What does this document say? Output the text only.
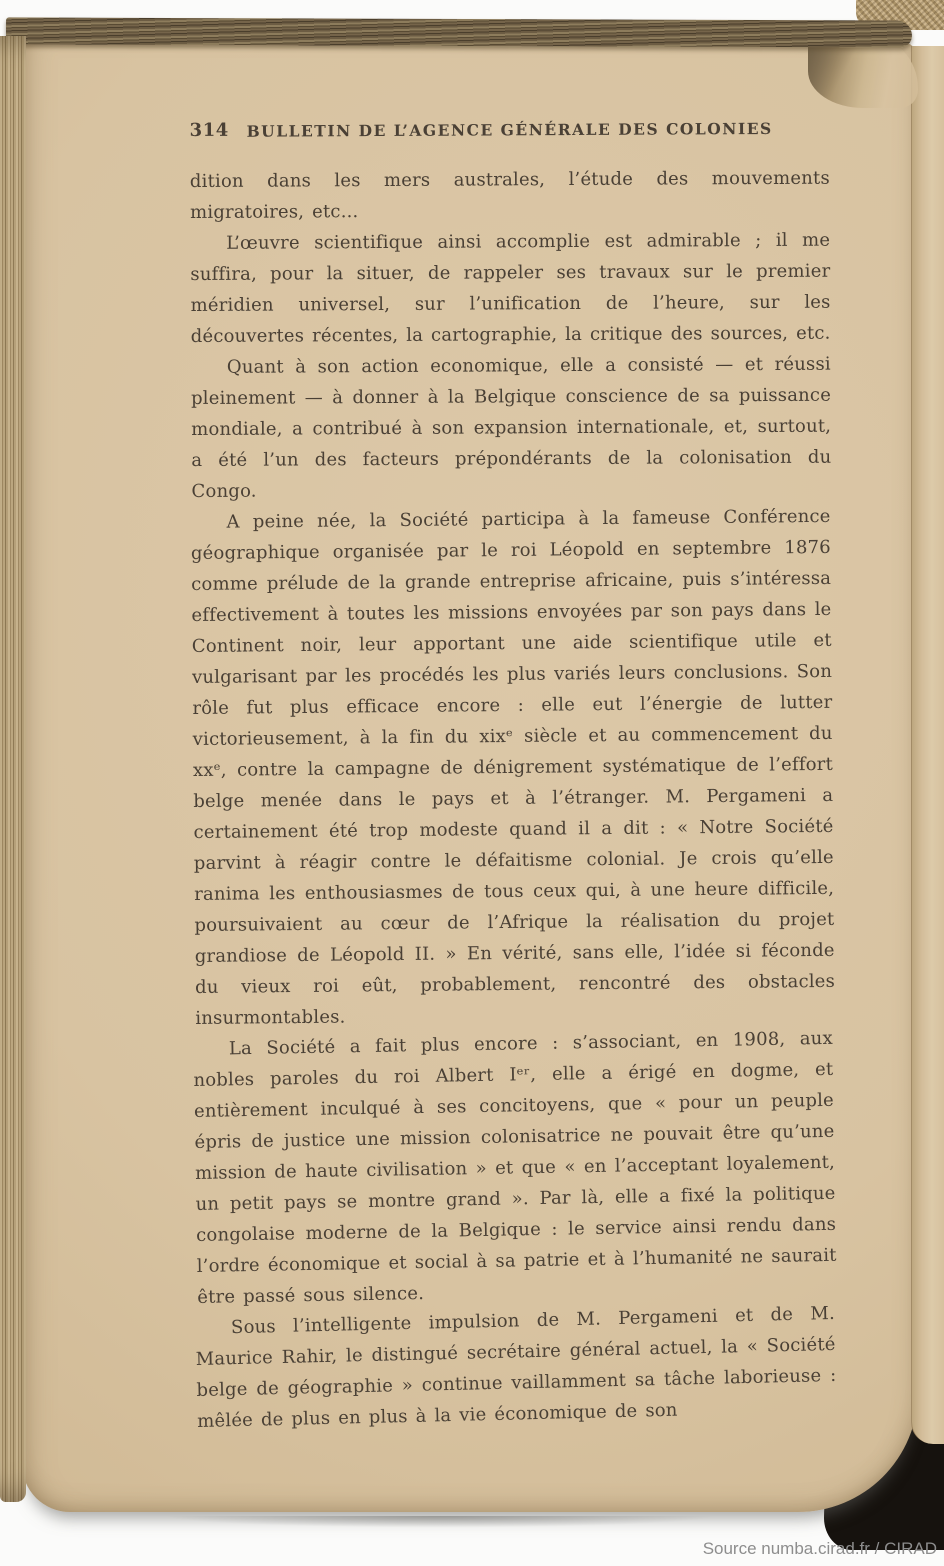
314 BULLETIN DE L’AGENCE GÉNÉRALE DES COLONIES

dition dans les mers australes, l’étude des mouvements migratoires, etc...

L’œuvre scientifique ainsi accomplie est admirable ; il me suffira, pour la situer, de rappeler ses travaux sur le premier méridien universel, sur l’unification de l’heure, sur les découvertes récentes, la cartographie, la critique des sources, etc.

Quant à son action economique, elle a consisté — et réussi pleinement — à donner à la Belgique conscience de sa puissance mondiale, a contribué à son expansion internationale, et, surtout, a été l’un des facteurs prépondérants de la colonisation du Congo.

A peine née, la Société participa à la fameuse Conférence géographique organisée par le roi Léopold en septembre 1876 comme prélude de la grande entreprise africaine, puis s’intéressa effectivement à toutes les missions envoyées par son pays dans le Continent noir, leur apportant une aide scientifique utile et vulgarisant par les procédés les plus variés leurs conclusions. Son rôle fut plus efficace encore : elle eut l’énergie de lutter victorieusement, à la fin du xixᵉ siècle et au commencement du xxᵉ, contre la campagne de dénigrement systématique de l’effort belge menée dans le pays et à l’étranger. M. Pergameni a certainement été trop modeste quand il a dit : « Notre Société parvint à réagir contre le défaitisme colonial. Je crois qu’elle ranima les enthousiasmes de tous ceux qui, à une heure difficile, poursuivaient au cœur de l’Afrique la réalisation du projet grandiose de Léopold II. » En vérité, sans elle, l’idée si féconde du vieux roi eût, probablement, rencontré des obstacles insurmontables.

La Société a fait plus encore : s’associant, en 1908, aux nobles paroles du roi Albert Iᵉʳ, elle a érigé en dogme, et entièrement inculqué à ses concitoyens, que « pour un peuple épris de justice une mission colonisatrice ne pouvait être qu’une mission de haute civilisation » et que « en l’acceptant loyalement, un petit pays se montre grand ». Par là, elle a fixé la politique congolaise moderne de la Belgique : le service ainsi rendu dans l’ordre économique et social à sa patrie et à l’humanité ne saurait être passé sous silence.

Sous l’intelligente impulsion de M. Pergameni et de M. Maurice Rahir, le distingué secrétaire général actuel, la « Société belge de géographie » continue vaillamment sa tâche laborieuse : mêlée de plus en plus à la vie économique de son

Source numba.cirad.fr / CIRAD
